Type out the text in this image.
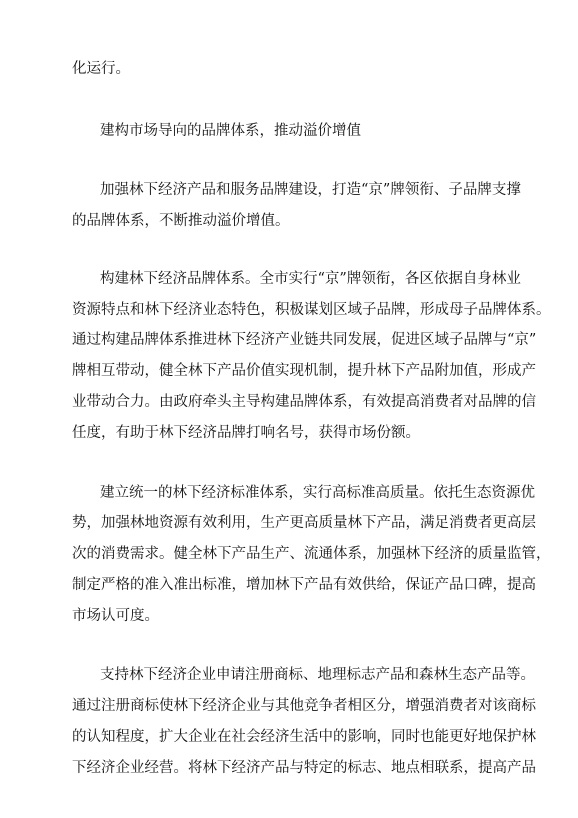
化运行。
建构市场导向的品牌体系，推动溢价增值
加强林下经济产品和服务品牌建设，打造“京”牌领衔、子品牌支撑
的品牌体系，不断推动溢价增值。
构建林下经济品牌体系。全市实行“京”牌领衔，各区依据自身林业
资源特点和林下经济业态特色，积极谋划区域子品牌，形成母子品牌体系。
通过构建品牌体系推进林下经济产业链共同发展，促进区域子品牌与“京”
牌相互带动，健全林下产品价值实现机制，提升林下产品附加值，形成产
业带动合力。由政府牵头主导构建品牌体系，有效提高消费者对品牌的信
任度，有助于林下经济品牌打响名号，获得市场份额。
建立统一的林下经济标准体系，实行高标准高质量。依托生态资源优
势，加强林地资源有效利用，生产更高质量林下产品，满足消费者更高层
次的消费需求。健全林下产品生产、流通体系，加强林下经济的质量监管，
制定严格的准入准出标准，增加林下产品有效供给，保证产品口碑，提高
市场认可度。
支持林下经济企业申请注册商标、地理标志产品和森林生态产品等。
通过注册商标使林下经济企业与其他竞争者相区分，增强消费者对该商标
的认知程度，扩大企业在社会经济生活中的影响，同时也能更好地保护林
下经济企业经营。将林下经济产品与特定的标志、地点相联系，提高产品
